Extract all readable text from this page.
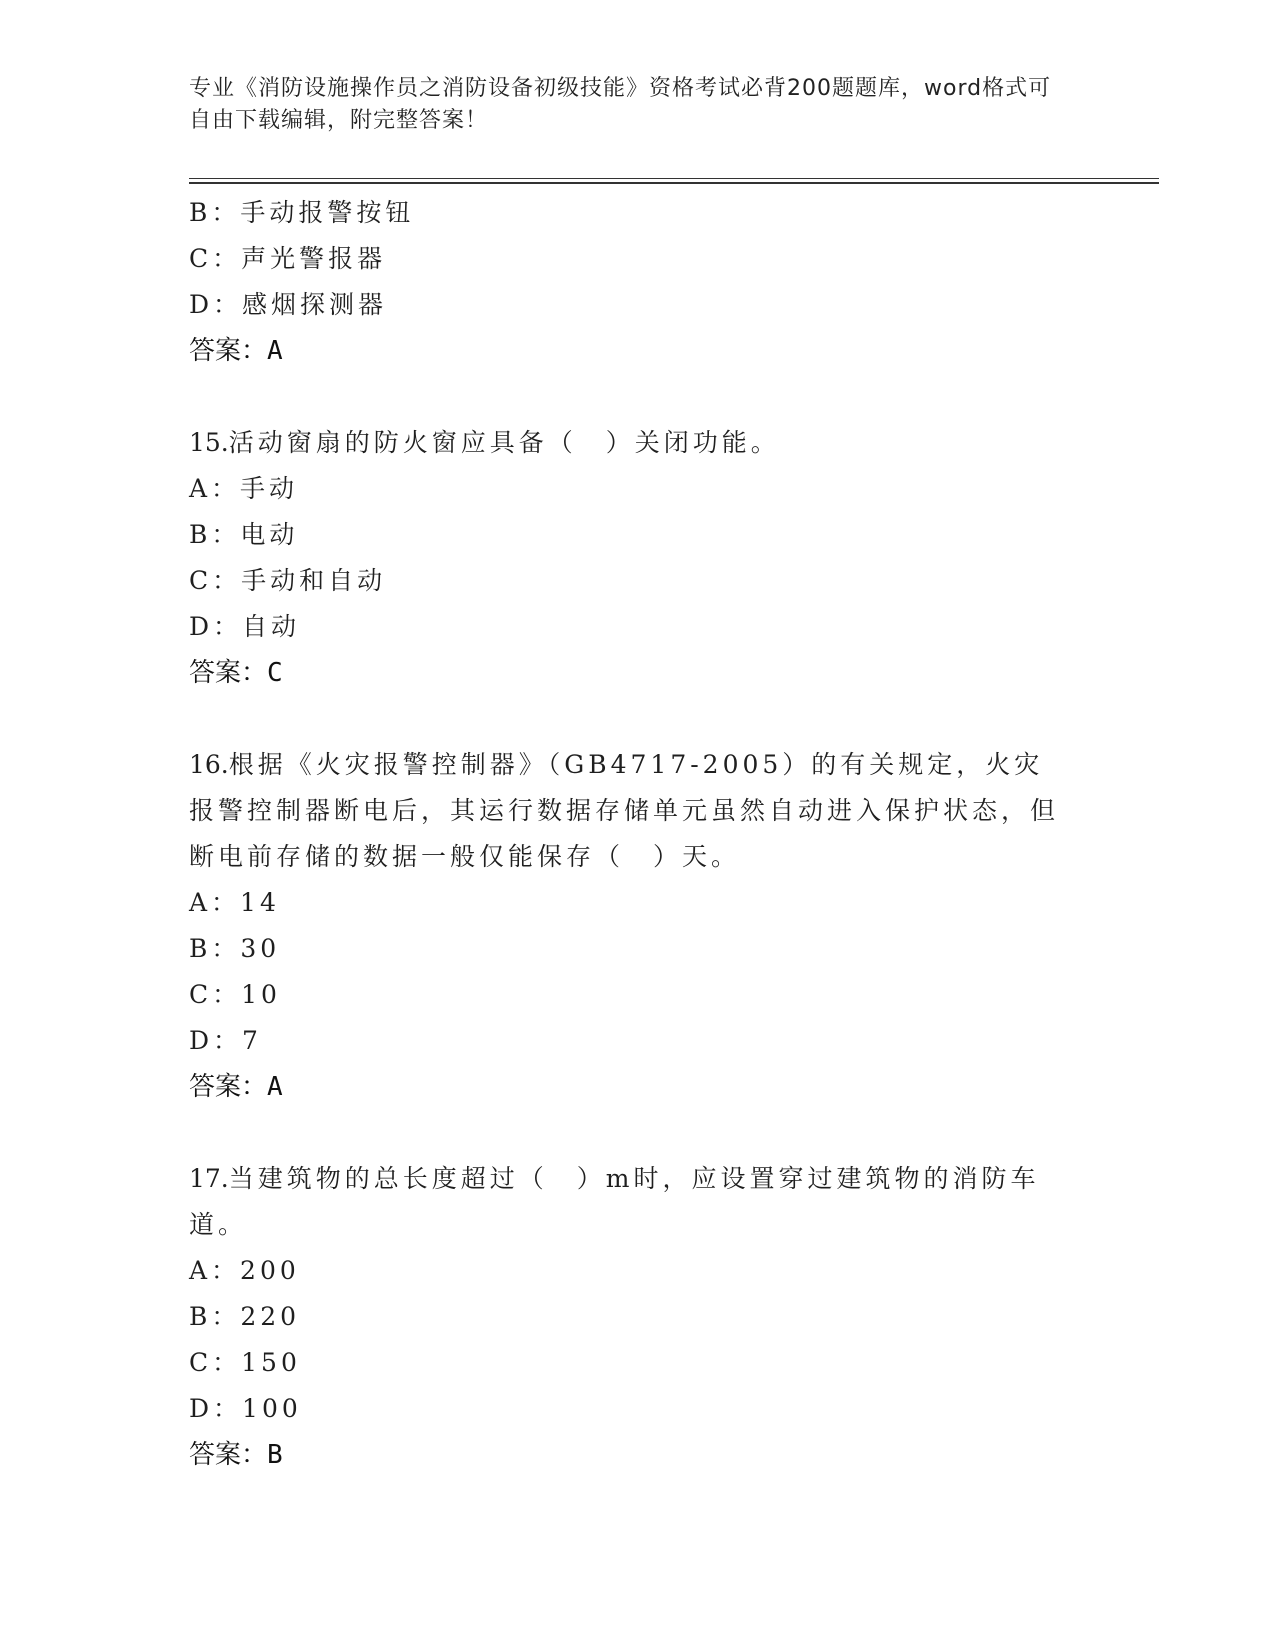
专业《消防设施操作员之消防设备初级技能》资格考试必背200题题库，word格式可自由下载编辑，附完整答案！
B：手动报警按钮
C：声光警报器
D：感烟探测器
答案：A
15.活动窗扇的防火窗应具备（　）关闭功能。
A：手动
B：电动
C：手动和自动
D：自动
答案：C
16.根据《火灾报警控制器》（GB4717-2005）的有关规定，火灾报警控制器断电后，其运行数据存储单元虽然自动进入保护状态，但断电前存储的数据一般仅能保存（　）天。
A：14
B：30
C：10
D：7
答案：A
17.当建筑物的总长度超过（　）m时，应设置穿过建筑物的消防车道。
A：200
B：220
C：150
D：100
答案：B
